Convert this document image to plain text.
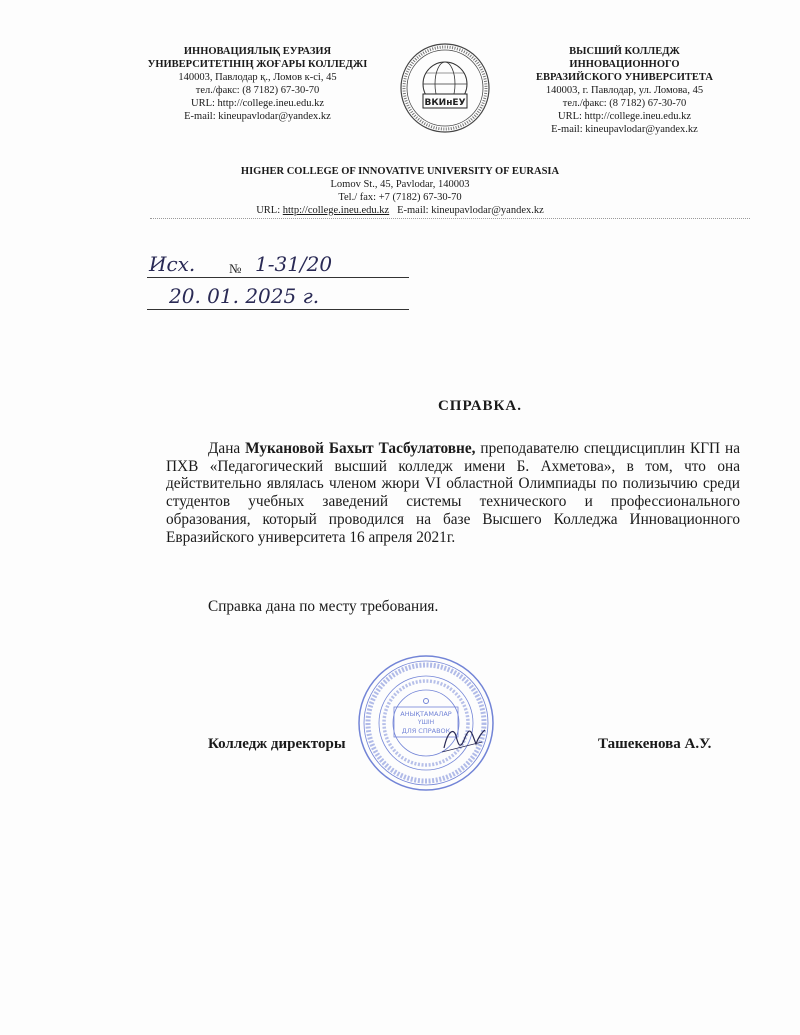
ИННОВАЦИЯЛЫҚ ЕУРАЗИЯ
УНИВЕРСИТЕТІНІҢ ЖОҒАРЫ КОЛЛЕДЖІ
140003, Павлодар қ., Ломов к-сі, 45
тел./факс: (8 7182) 67-30-70
URL: http://college.ineu.edu.kz
E-mail: kineupavlodar@yandex.kz
ВКИнЕУ
ВЫСШИЙ КОЛЛЕДЖ
ИННОВАЦИОННОГО
ЕВРАЗИЙСКОГО УНИВЕРСИТЕТА
140003, г. Павлодар, ул. Ломова, 45
тел./факс: (8 7182) 67-30-70
URL: http://college.ineu.edu.kz
E-mail: kineupavlodar@yandex.kz
HIGHER COLLEGE OF INNOVATIVE UNIVERSITY OF EURASIA
Lomov St., 45, Pavlodar, 140003
Tel./ fax: +7 (7182) 67-30-70
URL: http://college.ineu.edu.kz E-mail: kineupavlodar@yandex.kz
Исх.	№ 1-31/20
20. 01. 2025 г.
СПРАВКА.
Дана Мукановой Бахыт Тасбулатовне, преподавателю спецдисциплин КГП на ПХВ «Педагогический высший колледж имени Б. Ахметова», в том, что она действительно являлась членом жюри VI областной Олимпиады по полизычию среди студентов учебных заведений системы технического и профессионального образования, который проводился на базе Высшего Колледжа Инновационного Евразийского университета 16 апреля 2021г.
Справка дана по месту требования.
АНЫҚТАМАЛАР
ҮШІН
ДЛЯ СПРАВОК
Колледж директоры	Ташекенова А.У.
